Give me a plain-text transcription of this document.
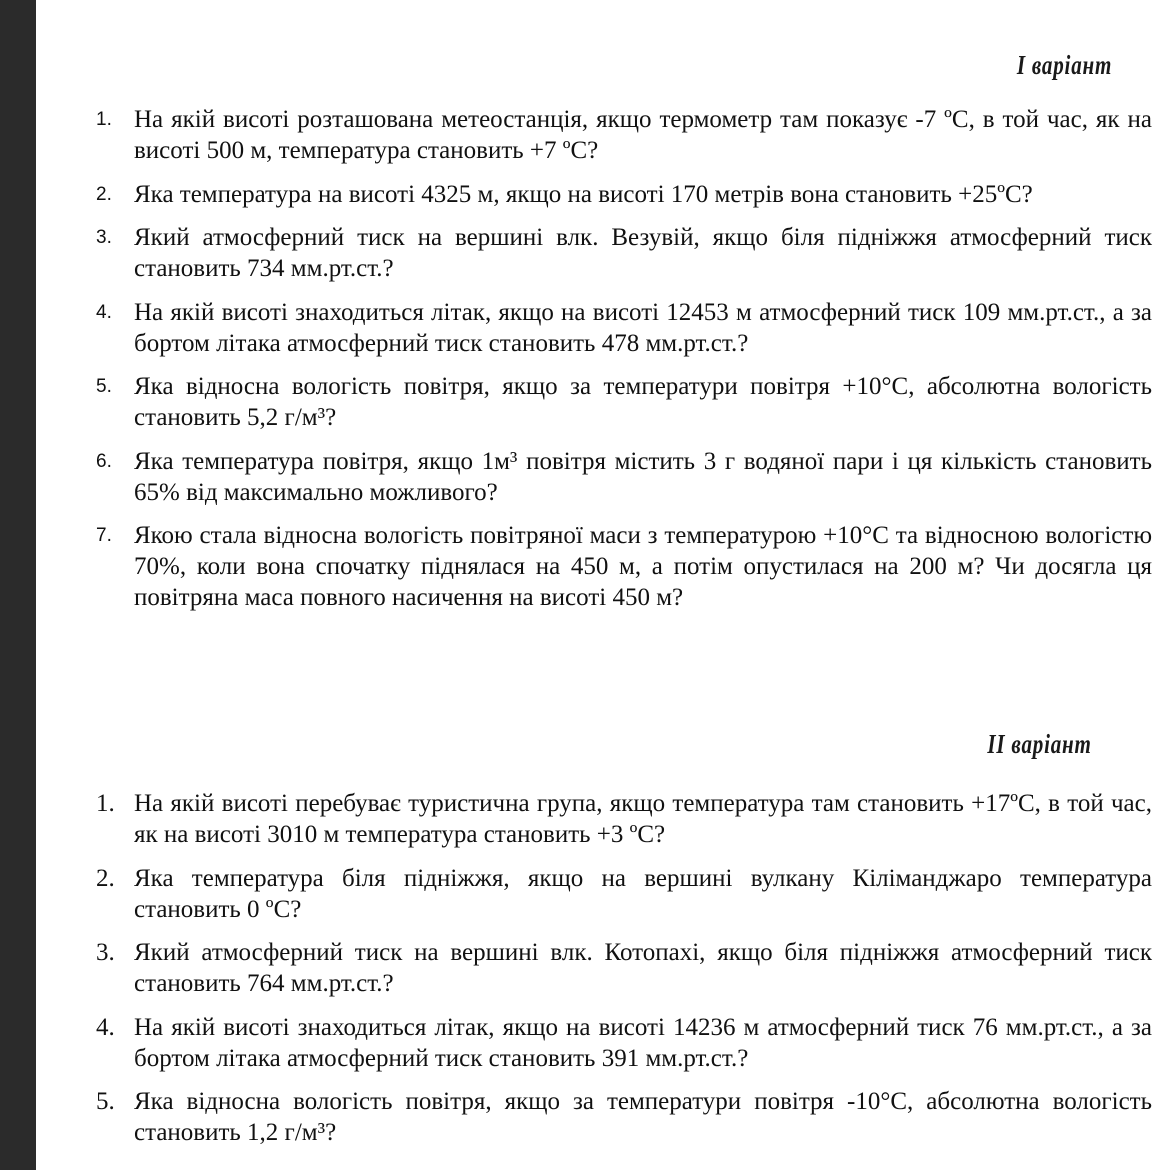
I варіант
1. На якій висоті розташована метеостанція, якщо термометр там показує -7 ºС, в той час, як на висоті 500 м, температура становить +7 ºС?
2. Яка температура на висоті 4325 м, якщо на висоті 170 метрів вона становить +25ºС?
3. Який атмосферний тиск на вершині влк. Везувій, якщо біля підніжжя атмосферний тиск становить 734 мм.рт.ст.?
4. На якій висоті знаходиться літак, якщо на висоті 12453 м атмосферний тиск 109 мм.рт.ст., а за бортом літака атмосферний тиск становить 478 мм.рт.ст.?
5. Яка відносна вологість повітря, якщо за температури повітря +10°С, абсолютна вологість становить 5,2 г/м³?
6. Яка температура повітря, якщо 1м³ повітря містить 3 г водяної пари і ця кількість становить 65% від максимально можливого?
7. Якою стала відносна вологість повітряної маси з температурою +10°С та відносною вологістю 70%, коли вона спочатку піднялася на 450 м, а потім опустилася на 200 м? Чи досягла ця повітряна маса повного насичення на висоті 450 м?
II варіант
1. На якій висоті перебуває туристична група, якщо температура там становить +17ºС, в той час, як на висоті 3010 м температура становить +3 ºС?
2. Яка температура біля підніжжя, якщо на вершині вулкану Кіліманджаро температура становить 0 ºС?
3. Який атмосферний тиск на вершині влк. Котопахі, якщо біля підніжжя атмосферний тиск становить 764 мм.рт.ст.?
4. На якій висоті знаходиться літак, якщо на висоті 14236 м атмосферний тиск 76 мм.рт.ст., а за бортом літака атмосферний тиск становить 391 мм.рт.ст.?
5. Яка відносна вологість повітря, якщо за температури повітря -10°С, абсолютна вологість становить 1,2 г/м³?
